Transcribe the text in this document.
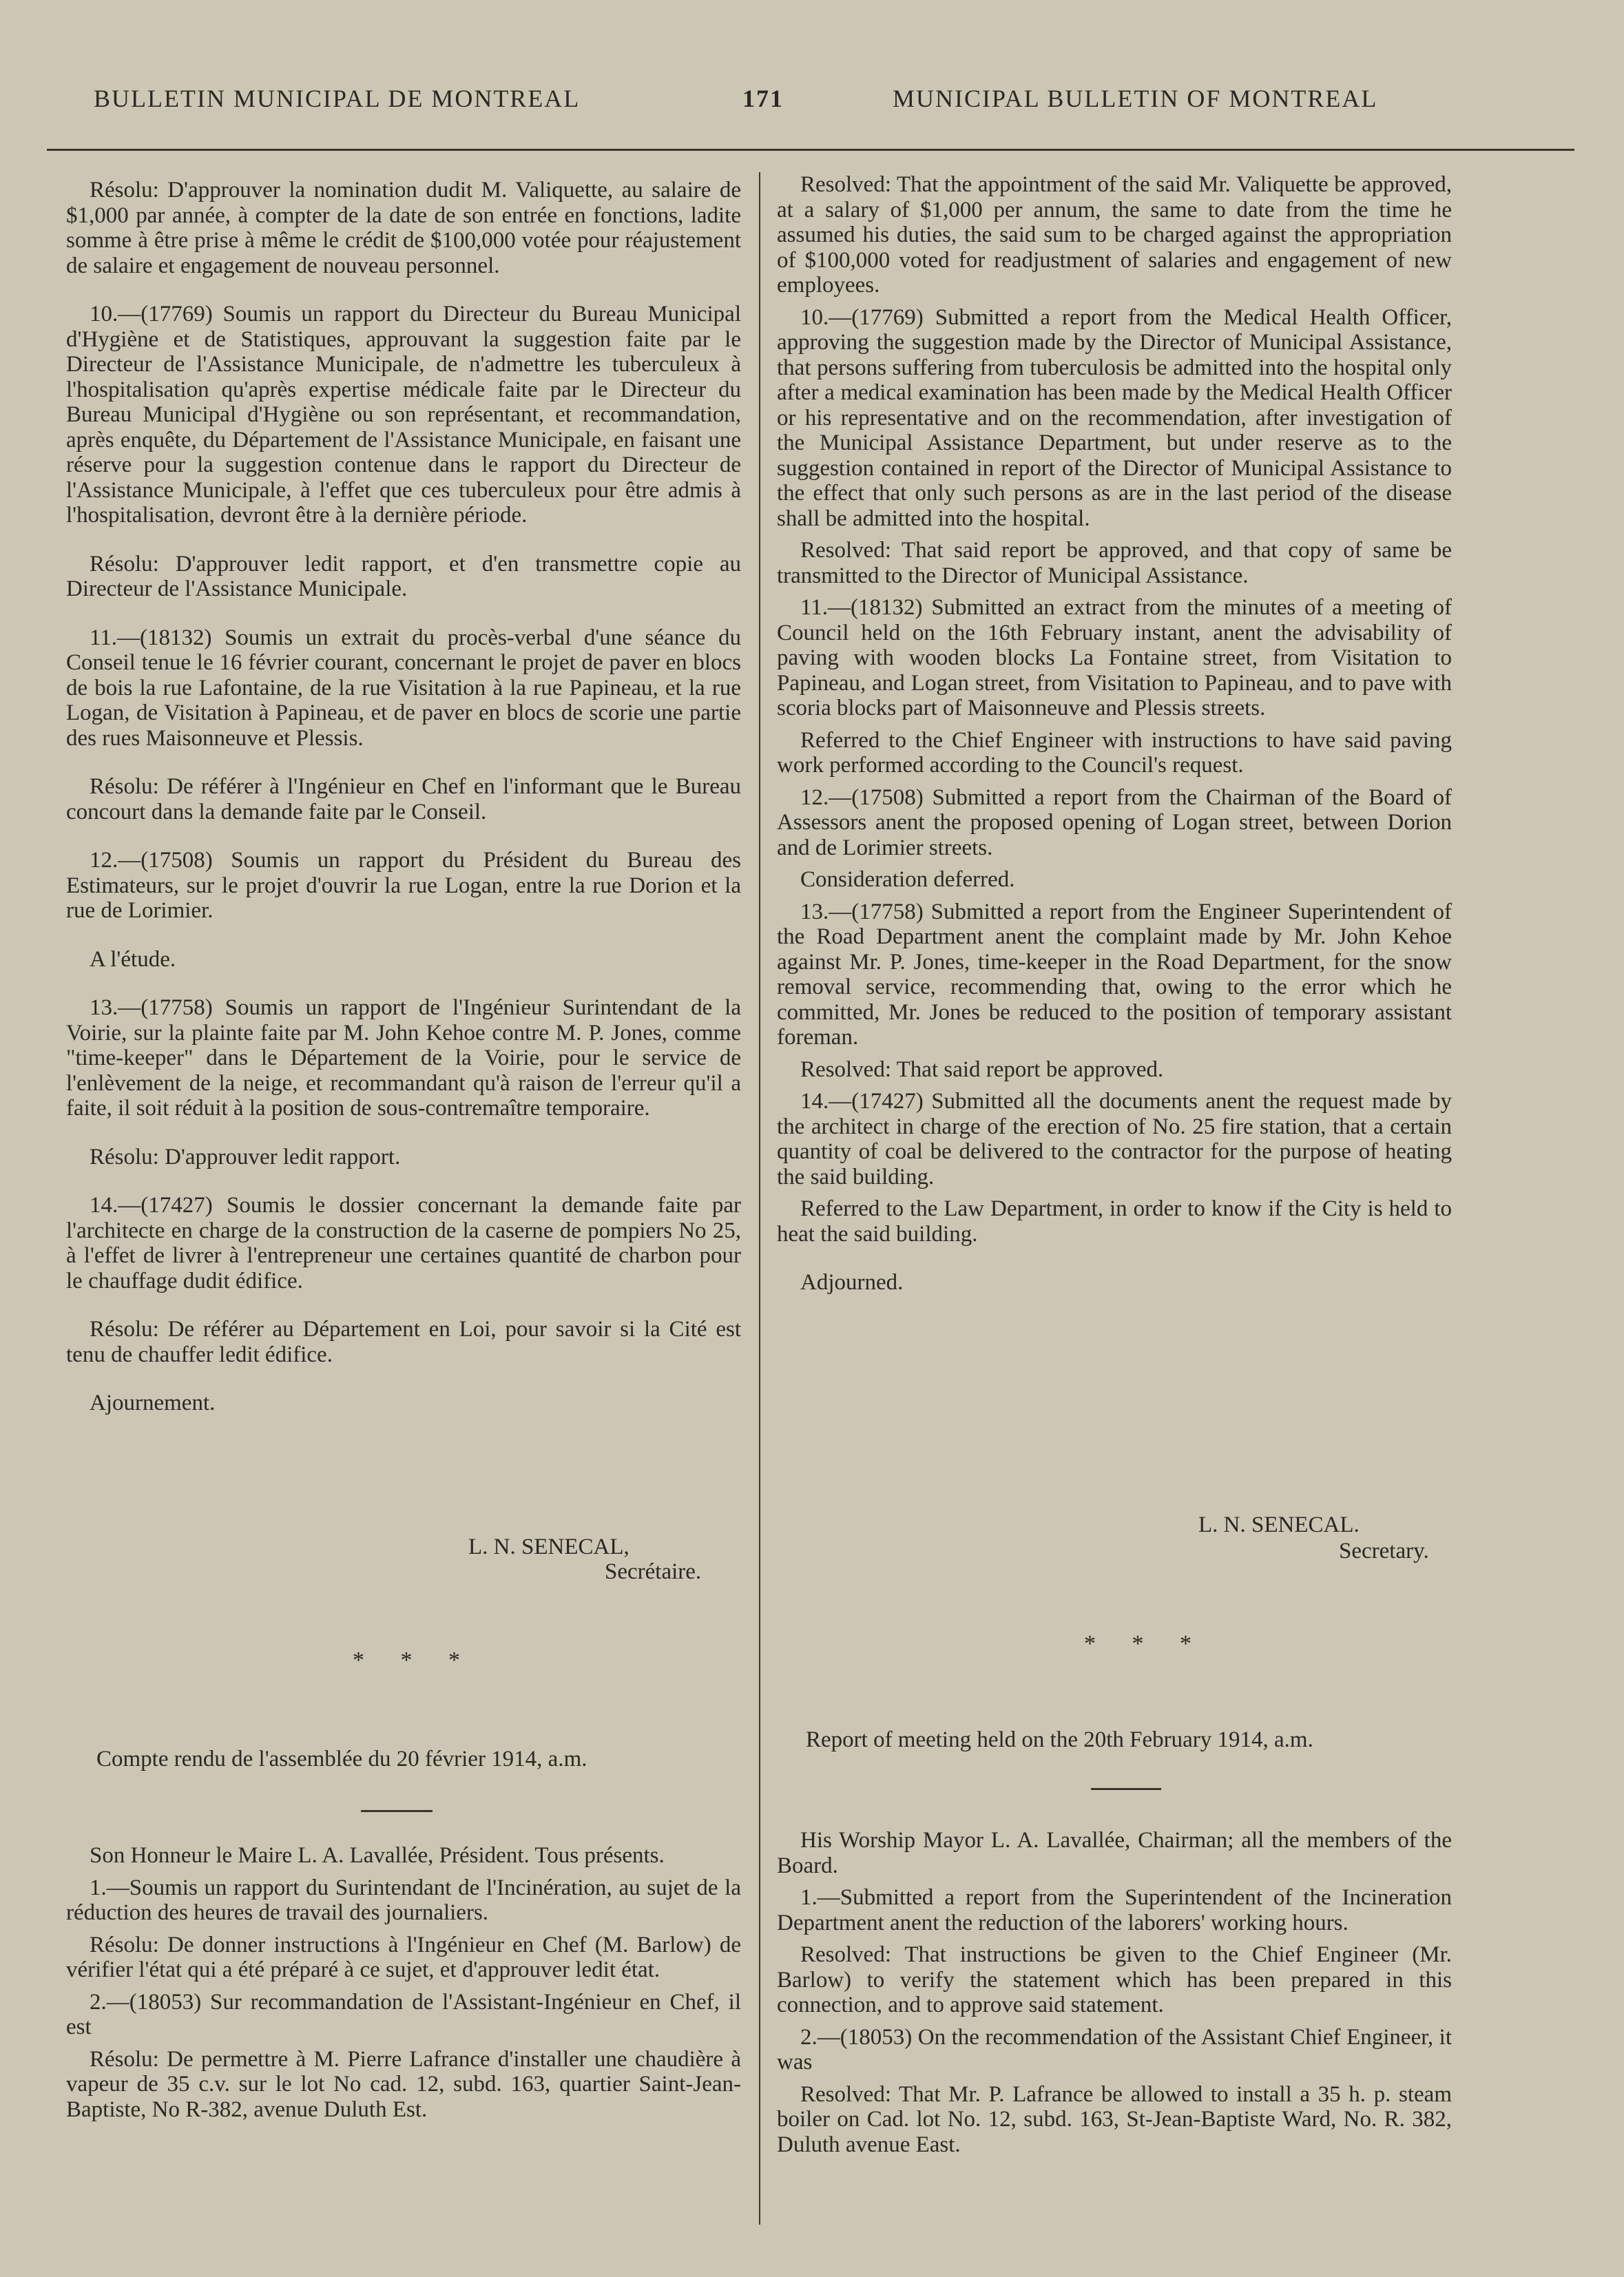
BULLETIN MUNICIPAL DE MONTREAL	171	MUNICIPAL BULLETIN OF MONTREAL

Résolu: D'approuver la nomination dudit M. Valiquette, au salaire de $1,000 par année, à compter de la date de son entrée en fonctions, ladite somme à être prise à même le crédit de $100,000 votée pour réajustement de salaire et engagement de nouveau personnel.

10.—(17769) Soumis un rapport du Directeur du Bureau Municipal d'Hygiène et de Statistiques, approuvant la suggestion faite par le Directeur de l'Assistance Municipale, de n'admettre les tuberculeux à l'hospitalisation qu'après expertise médicale faite par le Directeur du Bureau Municipal d'Hygiène ou son représentant, et recommandation, après enquête, du Département de l'Assistance Municipale, en faisant une réserve pour la suggestion contenue dans le rapport du Directeur de l'Assistance Municipale, à l'effet que ces tuberculeux pour être admis à l'hospitalisation, devront être à la dernière période.

Résolu: D'approuver ledit rapport, et d'en transmettre copie au Directeur de l'Assistance Municipale.

11.—(18132) Soumis un extrait du procès-verbal d'une séance du Conseil tenue le 16 février courant, concernant le projet de paver en blocs de bois la rue Lafontaine, de la rue Visitation à la rue Papineau, et la rue Logan, de Visitation à Papineau, et de paver en blocs de scorie une partie des rues Maisonneuve et Plessis.

Résolu: De référer à l'Ingénieur en Chef en l'informant que le Bureau concourt dans la demande faite par le Conseil.

12.—(17508) Soumis un rapport du Président du Bureau des Estimateurs, sur le projet d'ouvrir la rue Logan, entre la rue Dorion et la rue de Lorimier.

A l'étude.

13.—(17758) Soumis un rapport de l'Ingénieur Surintendant de la Voirie, sur la plainte faite par M. John Kehoe contre M. P. Jones, comme "time-keeper" dans le Département de la Voirie, pour le service de l'enlèvement de la neige, et recommandant qu'à raison de l'erreur qu'il a faite, il soit réduit à la position de sous-contremaître temporaire.

Résolu: D'approuver ledit rapport.

14.—(17427) Soumis le dossier concernant la demande faite par l'architecte en charge de la construction de la caserne de pompiers No 25, à l'effet de livrer à l'entrepreneur une certaines quantité de charbon pour le chauffage dudit édifice.

Résolu: De référer au Département en Loi, pour savoir si la Cité est tenu de chauffer ledit édifice.

Ajournement.

L. N. SENECAL,
Secrétaire.
* * *
Compte rendu de l'assemblée du 20 février 1914, a.m.

Son Honneur le Maire L. A. Lavallée, Président. Tous présents.

1.—Soumis un rapport du Surintendant de l'Incinération, au sujet de la réduction des heures de travail des journaliers.

Résolu: De donner instructions à l'Ingénieur en Chef (M. Barlow) de vérifier l'état qui a été préparé à ce sujet, et d'approuver ledit état.

2.—(18053) Sur recommandation de l'Assistant-Ingénieur en Chef, il est

Résolu: De permettre à M. Pierre Lafrance d'installer une chaudière à vapeur de 35 c.v. sur le lot No cad. 12, subd. 163, quartier Saint-Jean-Baptiste, No R-382, avenue Duluth Est.

Resolved: That the appointment of the said Mr. Valiquette be approved, at a salary of $1,000 per annum, the same to date from the time he assumed his duties, the said sum to be charged against the appropriation of $100,000 voted for readjustment of salaries and engagement of new employees.

10.—(17769) Submitted a report from the Medical Health Officer, approving the suggestion made by the Director of Municipal Assistance, that persons suffering from tuberculosis be admitted into the hospital only after a medical examination has been made by the Medical Health Officer or his representative and on the recommendation, after investigation of the Municipal Assistance Department, but under reserve as to the suggestion contained in report of the Director of Municipal Assistance to the effect that only such persons as are in the last period of the disease shall be admitted into the hospital.

Resolved: That said report be approved, and that copy of same be transmitted to the Director of Municipal Assistance.

11.—(18132) Submitted an extract from the minutes of a meeting of Council held on the 16th February instant, anent the advisability of paving with wooden blocks La Fontaine street, from Visitation to Papineau, and Logan street, from Visitation to Papineau, and to pave with scoria blocks part of Maisonneuve and Plessis streets.

Referred to the Chief Engineer with instructions to have said paving work performed according to the Council's request.

12.—(17508) Submitted a report from the Chairman of the Board of Assessors anent the proposed opening of Logan street, between Dorion and de Lorimier streets.

Consideration deferred.

13.—(17758) Submitted a report from the Engineer Superintendent of the Road Department anent the complaint made by Mr. John Kehoe against Mr. P. Jones, time-keeper in the Road Department, for the snow removal service, recommending that, owing to the error which he committed, Mr. Jones be reduced to the position of temporary assistant foreman.

Resolved: That said report be approved.

14.—(17427) Submitted all the documents anent the request made by the architect in charge of the erection of No. 25 fire station, that a certain quantity of coal be delivered to the contractor for the purpose of heating the said building.

Referred to the Law Department, in order to know if the City is held to heat the said building.

Adjourned.

L. N. SENECAL.
Secretary.
* * *
Report of meeting held on the 20th February 1914, a.m.

His Worship Mayor L. A. Lavallée, Chairman; all the members of the Board.

1.—Submitted a report from the Superintendent of the Incineration Department anent the reduction of the laborers' working hours.

Resolved: That instructions be given to the Chief Engineer (Mr. Barlow) to verify the statement which has been prepared in this connection, and to approve said statement.

2.—(18053) On the recommendation of the Assistant Chief Engineer, it was

Resolved: That Mr. P. Lafrance be allowed to install a 35 h. p. steam boiler on Cad. lot No. 12, subd. 163, St-Jean-Baptiste Ward, No. R. 382, Duluth avenue East.
